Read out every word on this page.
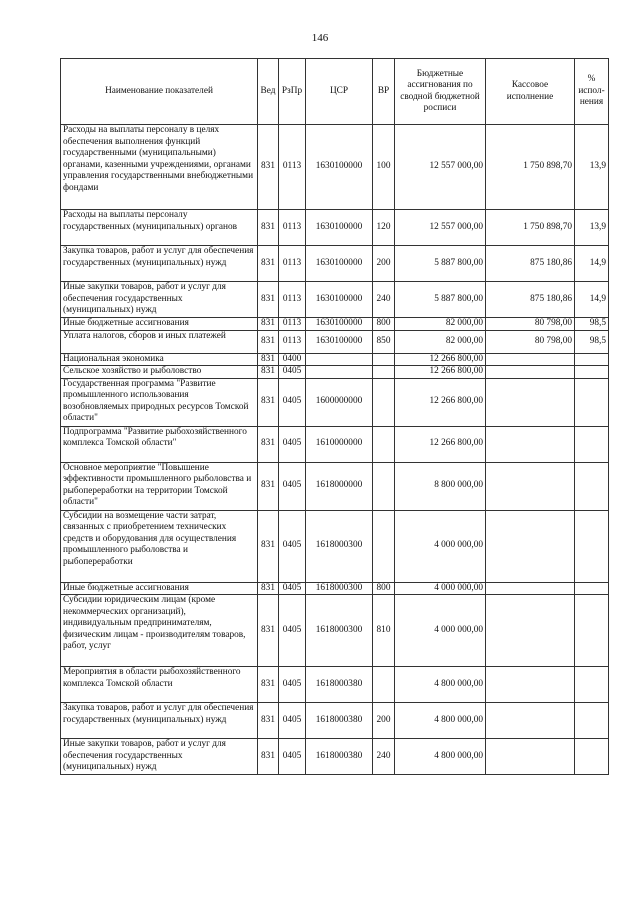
146
Наименование показателей	Вед	РзПр	ЦСР	ВР	Бюджетные ассигнования по сводной бюджетной росписи	Кассовое исполнение	% испол-нения
Расходы на выплаты персоналу в целях обеспечения выполнения функций государственными (муниципальными) органами, казенными учреждениями, органами управления государственными внебюджетными фондами	831	0113	1630100000	100	12 557 000,00	1 750 898,70	13,9
Расходы на выплаты персоналу государственных (муниципальных) органов	831	0113	1630100000	120	12 557 000,00	1 750 898,70	13,9
Закупка товаров, работ и услуг для обеспечения государственных (муниципальных) нужд	831	0113	1630100000	200	5 887 800,00	875 180,86	14,9
Иные закупки товаров, работ и услуг для обеспечения государственных (муниципальных) нужд	831	0113	1630100000	240	5 887 800,00	875 180,86	14,9
Иные бюджетные ассигнования	831	0113	1630100000	800	82 000,00	80 798,00	98,5
Уплата налогов, сборов и иных платежей	831	0113	1630100000	850	82 000,00	80 798,00	98,5
Национальная экономика	831	0400			12 266 800,00		
Сельское хозяйство и рыболовство	831	0405			12 266 800,00		
Государственная программа "Развитие промышленного использования возобновляемых природных ресурсов Томской области"	831	0405	1600000000		12 266 800,00		
Подпрограмма "Развитие рыбохозяйственного комплекса Томской области"	831	0405	1610000000		12 266 800,00		
Основное мероприятие "Повышение эффективности промышленного рыболовства и рыбопереработки на территории Томской области"	831	0405	1618000000		8 800 000,00		
Субсидии на возмещение части затрат, связанных с приобретением технических средств и оборудования для осуществления промышленного рыболовства и рыбопереработки	831	0405	1618000300		4 000 000,00		
Иные бюджетные ассигнования	831	0405	1618000300	800	4 000 000,00		
Субсидии юридическим лицам (кроме некоммерческих организаций), индивидуальным предпринимателям, физическим лицам - производителям товаров, работ, услуг	831	0405	1618000300	810	4 000 000,00		
Мероприятия в области рыбохозяйственного комплекса Томской области	831	0405	1618000380		4 800 000,00		
Закупка товаров, работ и услуг для обеспечения государственных (муниципальных) нужд	831	0405	1618000380	200	4 800 000,00		
Иные закупки товаров, работ и услуг для обеспечения государственных (муниципальных) нужд	831	0405	1618000380	240	4 800 000,00		
